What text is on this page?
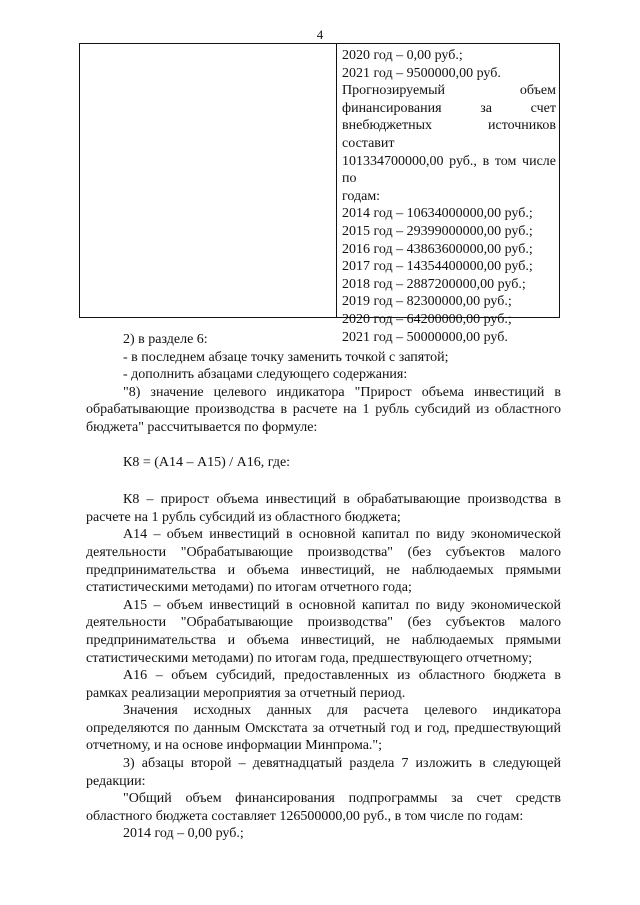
4
2020 год – 0,00 руб.;
2021 год – 9500000,00 руб.
Прогнозируемый объем
финансирования за счет
внебюджетных источников составит
101334700000,00 руб., в том числе по
годам:
2014 год – 10634000000,00 руб.;
2015 год – 29399000000,00 руб.;
2016 год – 43863600000,00 руб.;
2017 год – 14354400000,00 руб.;
2018 год – 2887200000,00 руб.;
2019 год – 82300000,00 руб.;
2020 год – 64200000,00 руб.;
2021 год – 50000000,00 руб.
2) в разделе 6:
- в последнем абзаце точку заменить точкой с запятой;
- дополнить абзацами следующего содержания:
"8) значение целевого индикатора "Прирост объема инвестиций в обрабатывающие производства в расчете на 1 рубль субсидий из областного бюджета" рассчитывается по формуле:
К8 = (А14 – А15) / А16, где:
К8 – прирост объема инвестиций в обрабатывающие производства в расчете на 1 рубль субсидий из областного бюджета;
А14 – объем инвестиций в основной капитал по виду экономической деятельности "Обрабатывающие производства" (без субъектов малого предпринимательства и объема инвестиций, не наблюдаемых прямыми статистическими методами) по итогам отчетного года;
А15 – объем инвестиций в основной капитал по виду экономической деятельности "Обрабатывающие производства" (без субъектов малого предпринимательства и объема инвестиций, не наблюдаемых прямыми статистическими методами) по итогам года, предшествующего отчетному;
А16 – объем субсидий, предоставленных из областного бюджета в рамках реализации мероприятия за отчетный период.
Значения исходных данных для расчета целевого индикатора определяются по данным Омскстата за отчетный год и год, предшествующий отчетному, и на основе информации Минпрома.";
3) абзацы второй – девятнадцатый раздела 7 изложить в следующей редакции:
"Общий объем финансирования подпрограммы за счет средств областного бюджета составляет 126500000,00 руб., в том числе по годам:
2014 год – 0,00 руб.;
